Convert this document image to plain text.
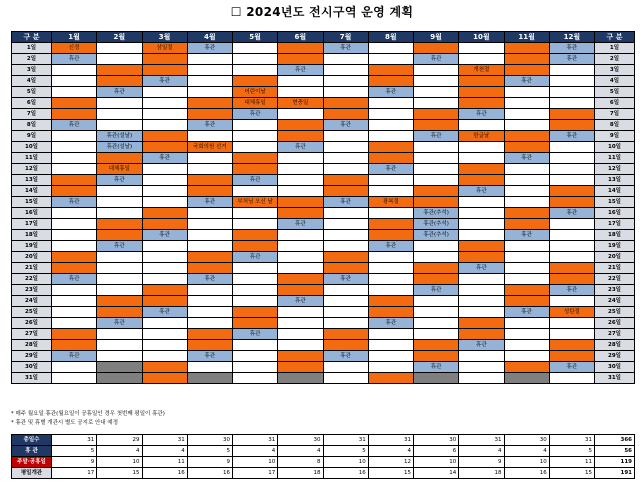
☐ 2024년도 전시구역 운영 계획
구 분	1월	2월	3월	4월	5월	6월	7월	8월	9월	10월	11월	12월	구 분
1일	신정		삼일절	휴관			휴관					휴관	1일
2일	휴관								휴관			휴관	2일
3일						휴관				개천절			3일
4일			휴관								휴관		4일
5일		휴관			어린이날			휴관					5일
6일					대체휴일	현충일							6일
7일					휴관					휴관			7일
8일	휴관			휴관			휴관						8일
9일		휴관(설날)							휴관	한글날		휴관	9일
10일		휴관(설날)		국회의원 선거		휴관							10일
11일			휴관								휴관		11일
12일		대체휴일						휴관					12일
13일		휴관			휴관								13일
14일										휴관			14일
15일	휴관			휴관	부처님 오신 날		휴관	광복절					15일
16일									휴관(추석)			휴관	16일
17일						휴관			휴관(추석)				17일
18일			휴관						휴관(추석)		휴관		18일
19일		휴관						휴관					19일
20일					휴관								20일
21일										휴관			21일
22일	휴관			휴관			휴관						22일
23일									휴관			휴관	23일
24일						휴관							24일
25일			휴관								휴관	성탄절	25일
26일		휴관						휴관					26일
27일					휴관								27일
28일										휴관			28일
29일	휴관			휴관			휴관						29일
30일									휴관			휴관	30일
31일													31일
* 매주 월요일 휴관(월요일이 공휴일인 경우 첫번째 평일이 휴관)
* 휴관 및 휴별 개관시 별도 공지로 안내 예정
총일수	31	29	31	30	31	30	31	31	30	31	30	31	366
휴 관	5	4	4	5	4	4	5	4	6	4	4	5	56
주말·공휴일	9	10	11	9	10	8	10	12	10	9	10	11	119
평일개관	17	15	16	16	17	18	16	15	14	18	16	15	191
